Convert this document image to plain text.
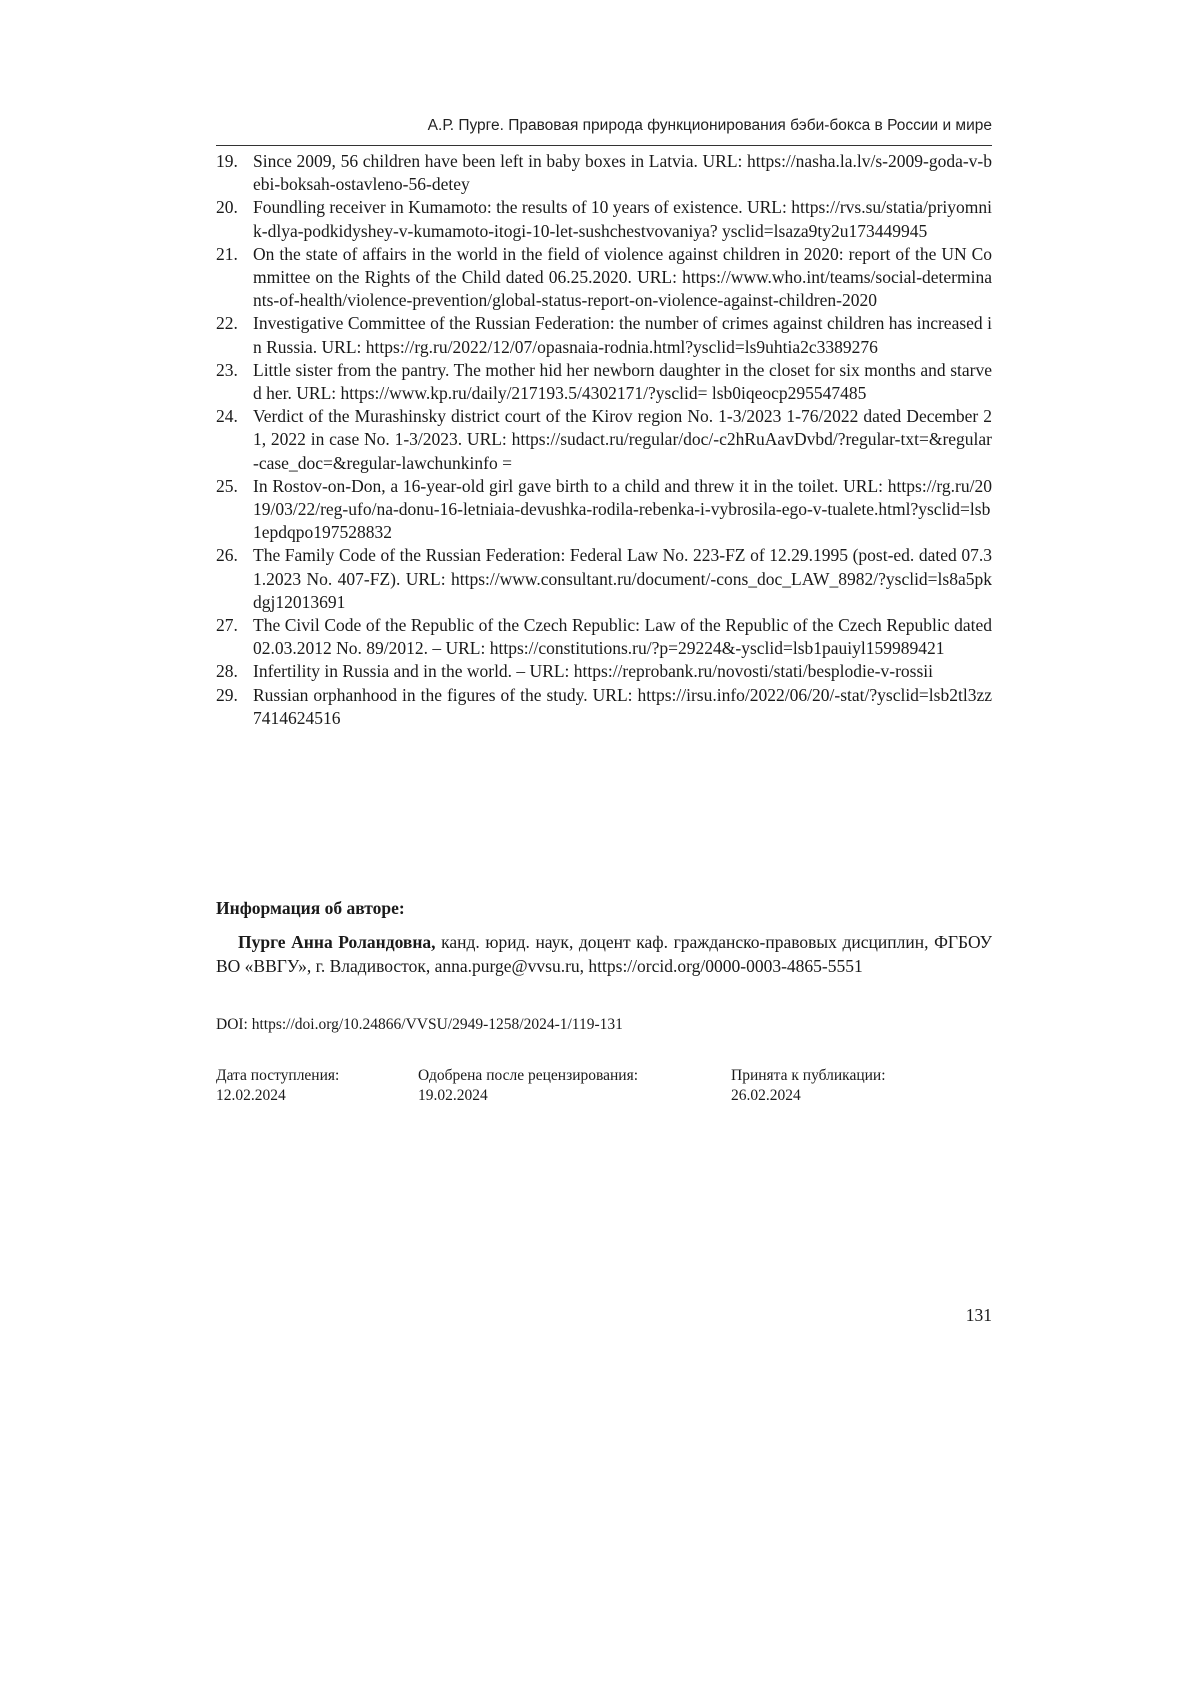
А.Р. Пурге. Правовая природа функционирования бэби-бокса в России и мире
19. Since 2009, 56 children have been left in baby boxes in Latvia. URL: https://nasha.la.lv/s-2009-goda-v-bebi-boksah-ostavleno-56-detey
20. Foundling receiver in Kumamoto: the results of 10 years of existence. URL: https://rvs.su/statia/priyomnik-dlya-podkidyshey-v-kumamoto-itogi-10-let-sushchestvovaniya? ysclid=lsaza9ty2u173449945
21. On the state of affairs in the world in the field of violence against children in 2020: report of the UN Committee on the Rights of the Child dated 06.25.2020. URL: https://www.who.int/teams/social-determinants-of-health/violence-prevention/global-status-report-on-violence-against-children-2020
22. Investigative Committee of the Russian Federation: the number of crimes against children has increased in Russia. URL: https://rg.ru/2022/12/07/opasnaia-rodnia.html?ysclid=ls9uhtia2c3389276
23. Little sister from the pantry. The mother hid her newborn daughter in the closet for six months and starved her. URL: https://www.kp.ru/daily/217193.5/4302171/?ysclid= lsb0iqeocp295547485
24. Verdict of the Murashinsky district court of the Kirov region No. 1-3/2023 1-76/2022 dated December 21, 2022 in case No. 1-3/2023. URL: https://sudact.ru/regular/doc/-c2hRuAavDvbd/?regular-txt=&regular-case_doc=&regular-lawchunkinfo =
25. In Rostov-on-Don, a 16-year-old girl gave birth to a child and threw it in the toilet. URL: https://rg.ru/2019/03/22/reg-ufo/na-donu-16-letniaia-devushka-rodila-rebenka-i-vybrosila-ego-v-tualete.html?ysclid=lsb1epdqpo197528832
26. The Family Code of the Russian Federation: Federal Law No. 223-FZ of 12.29.1995 (post-ed. dated 07.31.2023 No. 407-FZ). URL: https://www.consultant.ru/document/-cons_doc_LAW_8982/?ysclid=ls8a5pkdgj12013691
27. The Civil Code of the Republic of the Czech Republic: Law of the Republic of the Czech Republic dated 02.03.2012 No. 89/2012. – URL: https://constitutions.ru/?p=29224&-ysclid=lsb1pauiyl159989421
28. Infertility in Russia and in the world. – URL: https://reprobank.ru/novosti/stati/besplodie-v-rossii
29. Russian orphanhood in the figures of the study. URL: https://irsu.info/2022/06/20/-stat/?ysclid=lsb2tl3zz7414624516
Информация об авторе:

Пурге Анна Роландовна, канд. юрид. наук, доцент каф. гражданско-правовых дисциплин, ФГБОУ ВО «ВВГУ», г. Владивосток, anna.purge@vvsu.ru, https://orcid.org/0000-0003-4865-5551

DOI: https://doi.org/10.24866/VVSU/2949-1258/2024-1/119-131
Дата поступления:
12.02.2024
Одобрена после рецензирования:
19.02.2024
Принята к публикации:
26.02.2024
131
